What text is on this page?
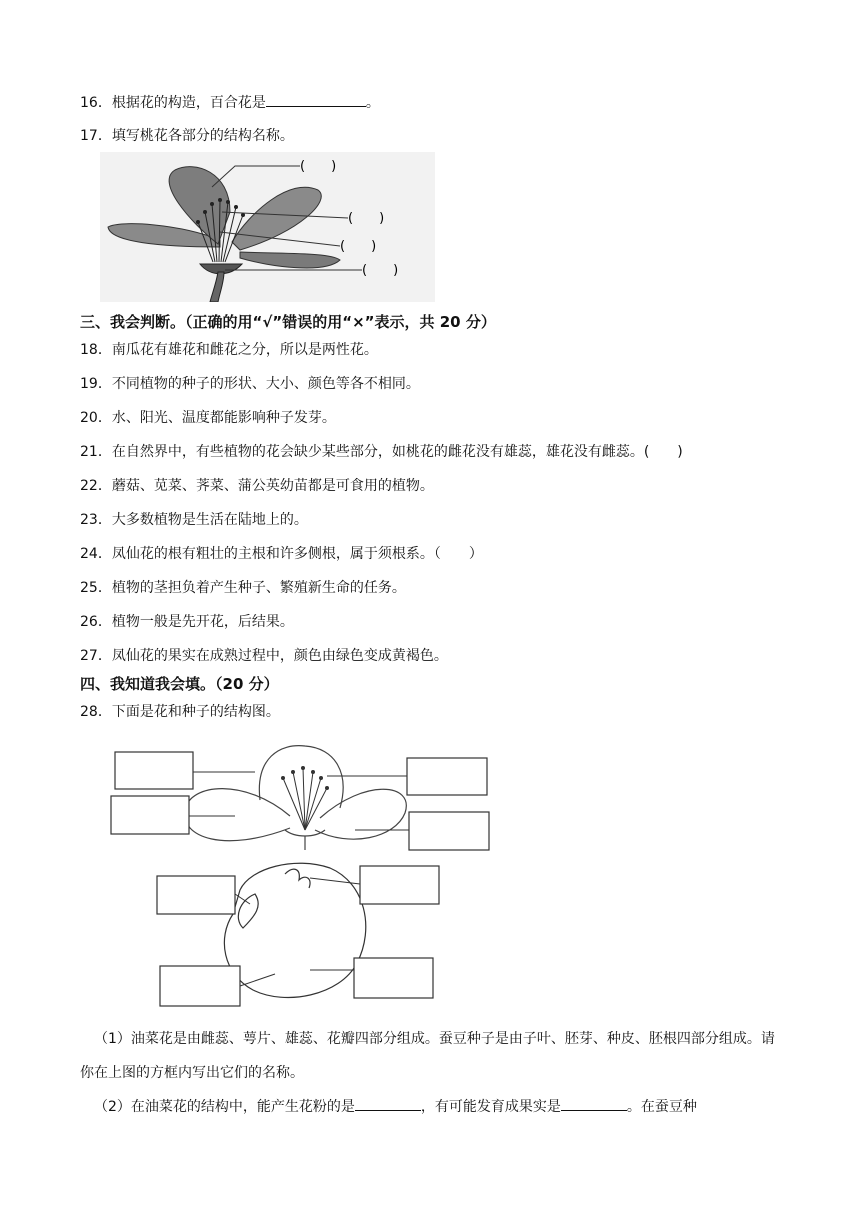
16．根据花的构造，百合花是	。
17．填写桃花各部分的结构名称。
(　　)
(　　)
(　　)
(　　)
三、我会判断。（正确的用“√”错误的用“×”表示，共 20 分）
18．南瓜花有雄花和雌花之分，所以是两性花。
19．不同植物的种子的形状、大小、颜色等各不相同。
20．水、阳光、温度都能影响种子发芽。
21．在自然界中，有些植物的花会缺少某些部分，如桃花的雌花没有雄蕊，雄花没有雌蕊。(　　)
22．蘑菇、苋菜、荠菜、蒲公英幼苗都是可食用的植物。
23．大多数植物是生活在陆地上的。
24．凤仙花的根有粗壮的主根和许多侧根，属于须根系。（　　）
25．植物的茎担负着产生种子、繁殖新生命的任务。
26．植物一般是先开花，后结果。
27．凤仙花的果实在成熟过程中，颜色由绿色变成黄褐色。
四、我知道我会填。（20 分）
28．下面是花和种子的结构图。
（1）油菜花是由雌蕊、萼片、雄蕊、花瓣四部分组成。蚕豆种子是由子叶、胚芽、种皮、胚根四部分组成。请你在上图的方框内写出它们的名称。
（2）在油菜花的结构中，能产生花粉的是	，有可能发育成果实是	。在蚕豆种
